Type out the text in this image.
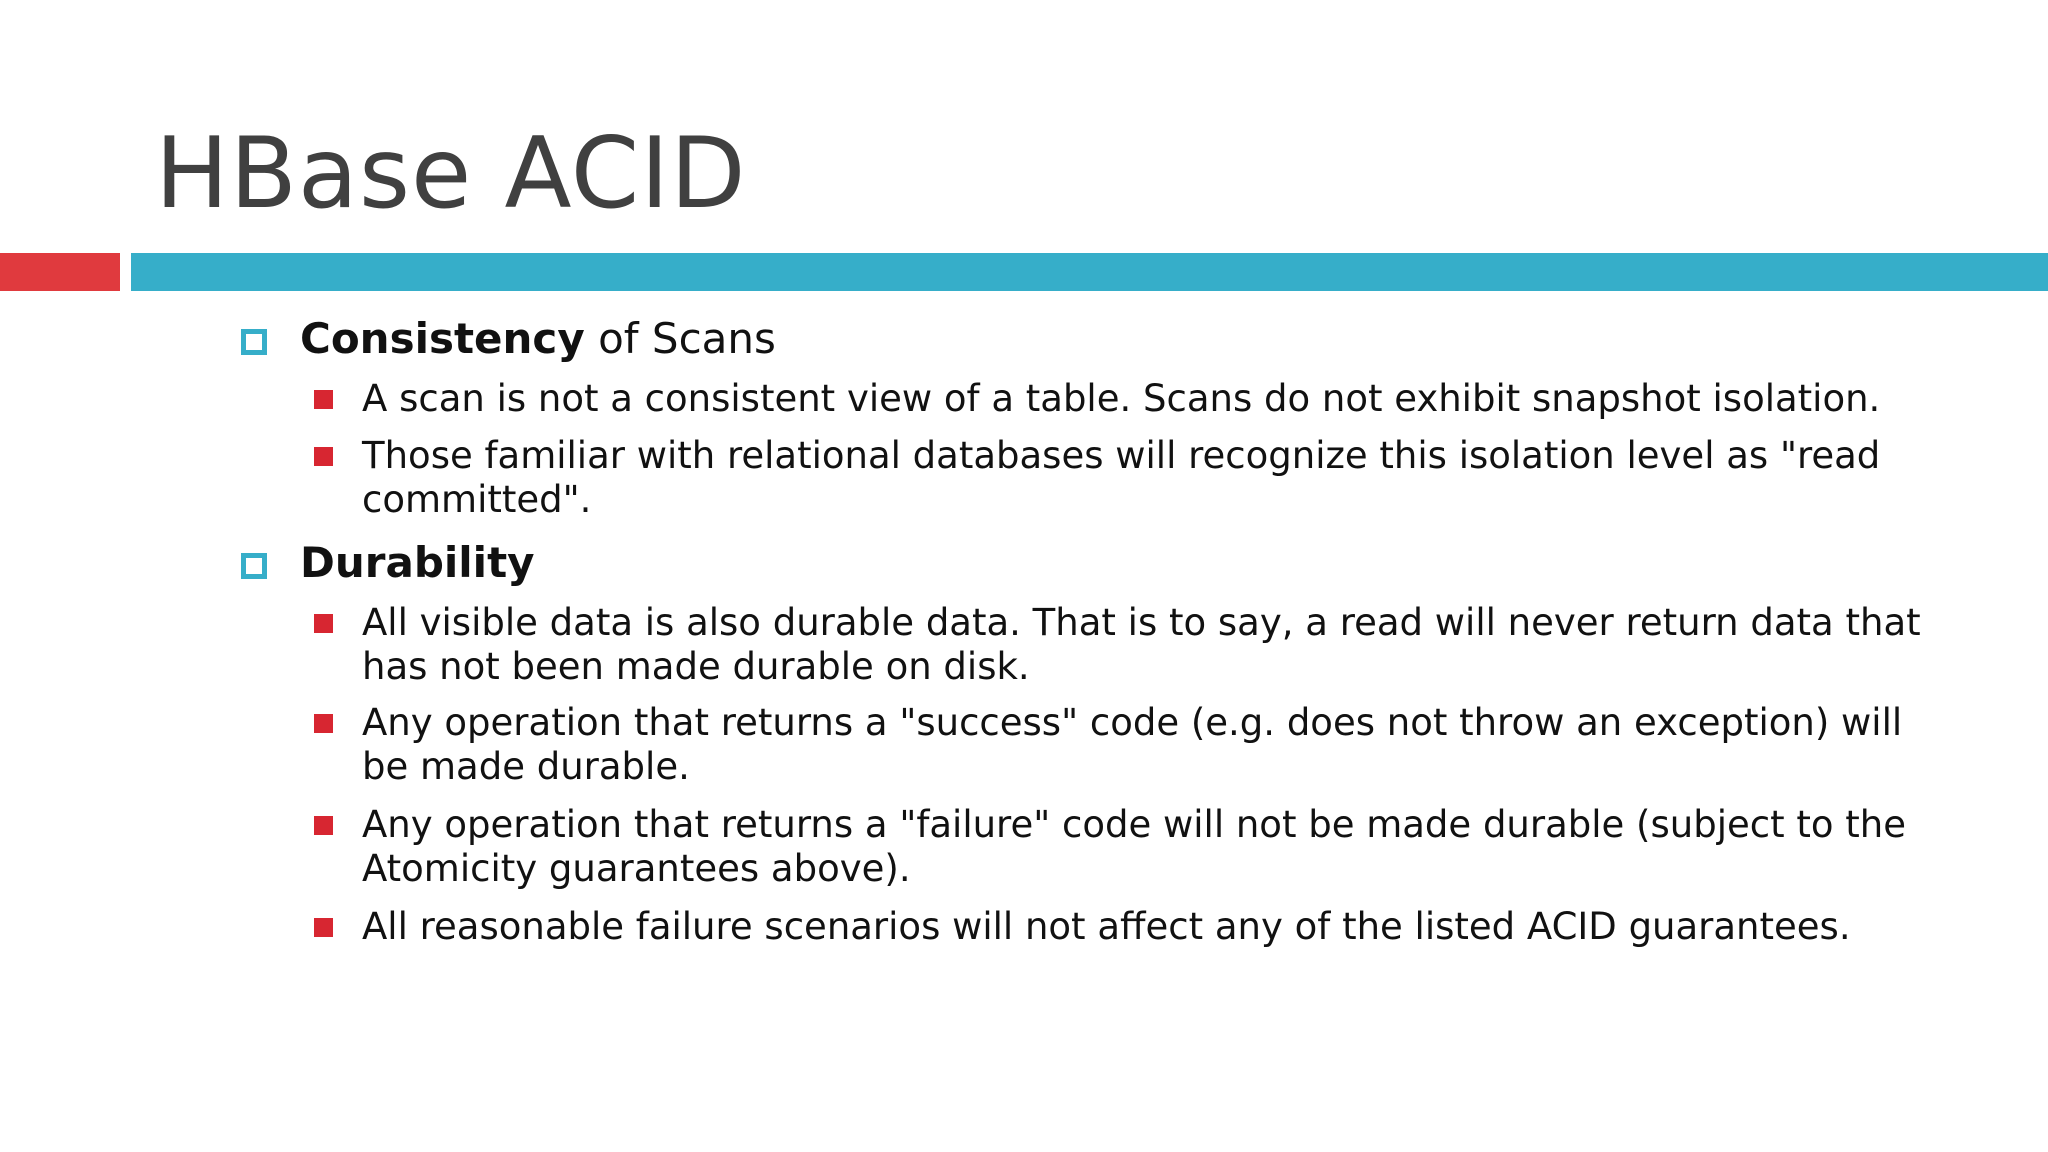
HBase ACID
Consistency of Scans
A scan is not a consistent view of a table. Scans do not exhibit snapshot isolation.
Those familiar with relational databases will recognize this isolation level as "read committed".
Durability
All visible data is also durable data. That is to say, a read will never return data that has not been made durable on disk.
Any operation that returns a "success" code (e.g. does not throw an exception) will be made durable.
Any operation that returns a "failure" code will not be made durable (subject to the Atomicity guarantees above).
All reasonable failure scenarios will not affect any of the listed ACID guarantees.
